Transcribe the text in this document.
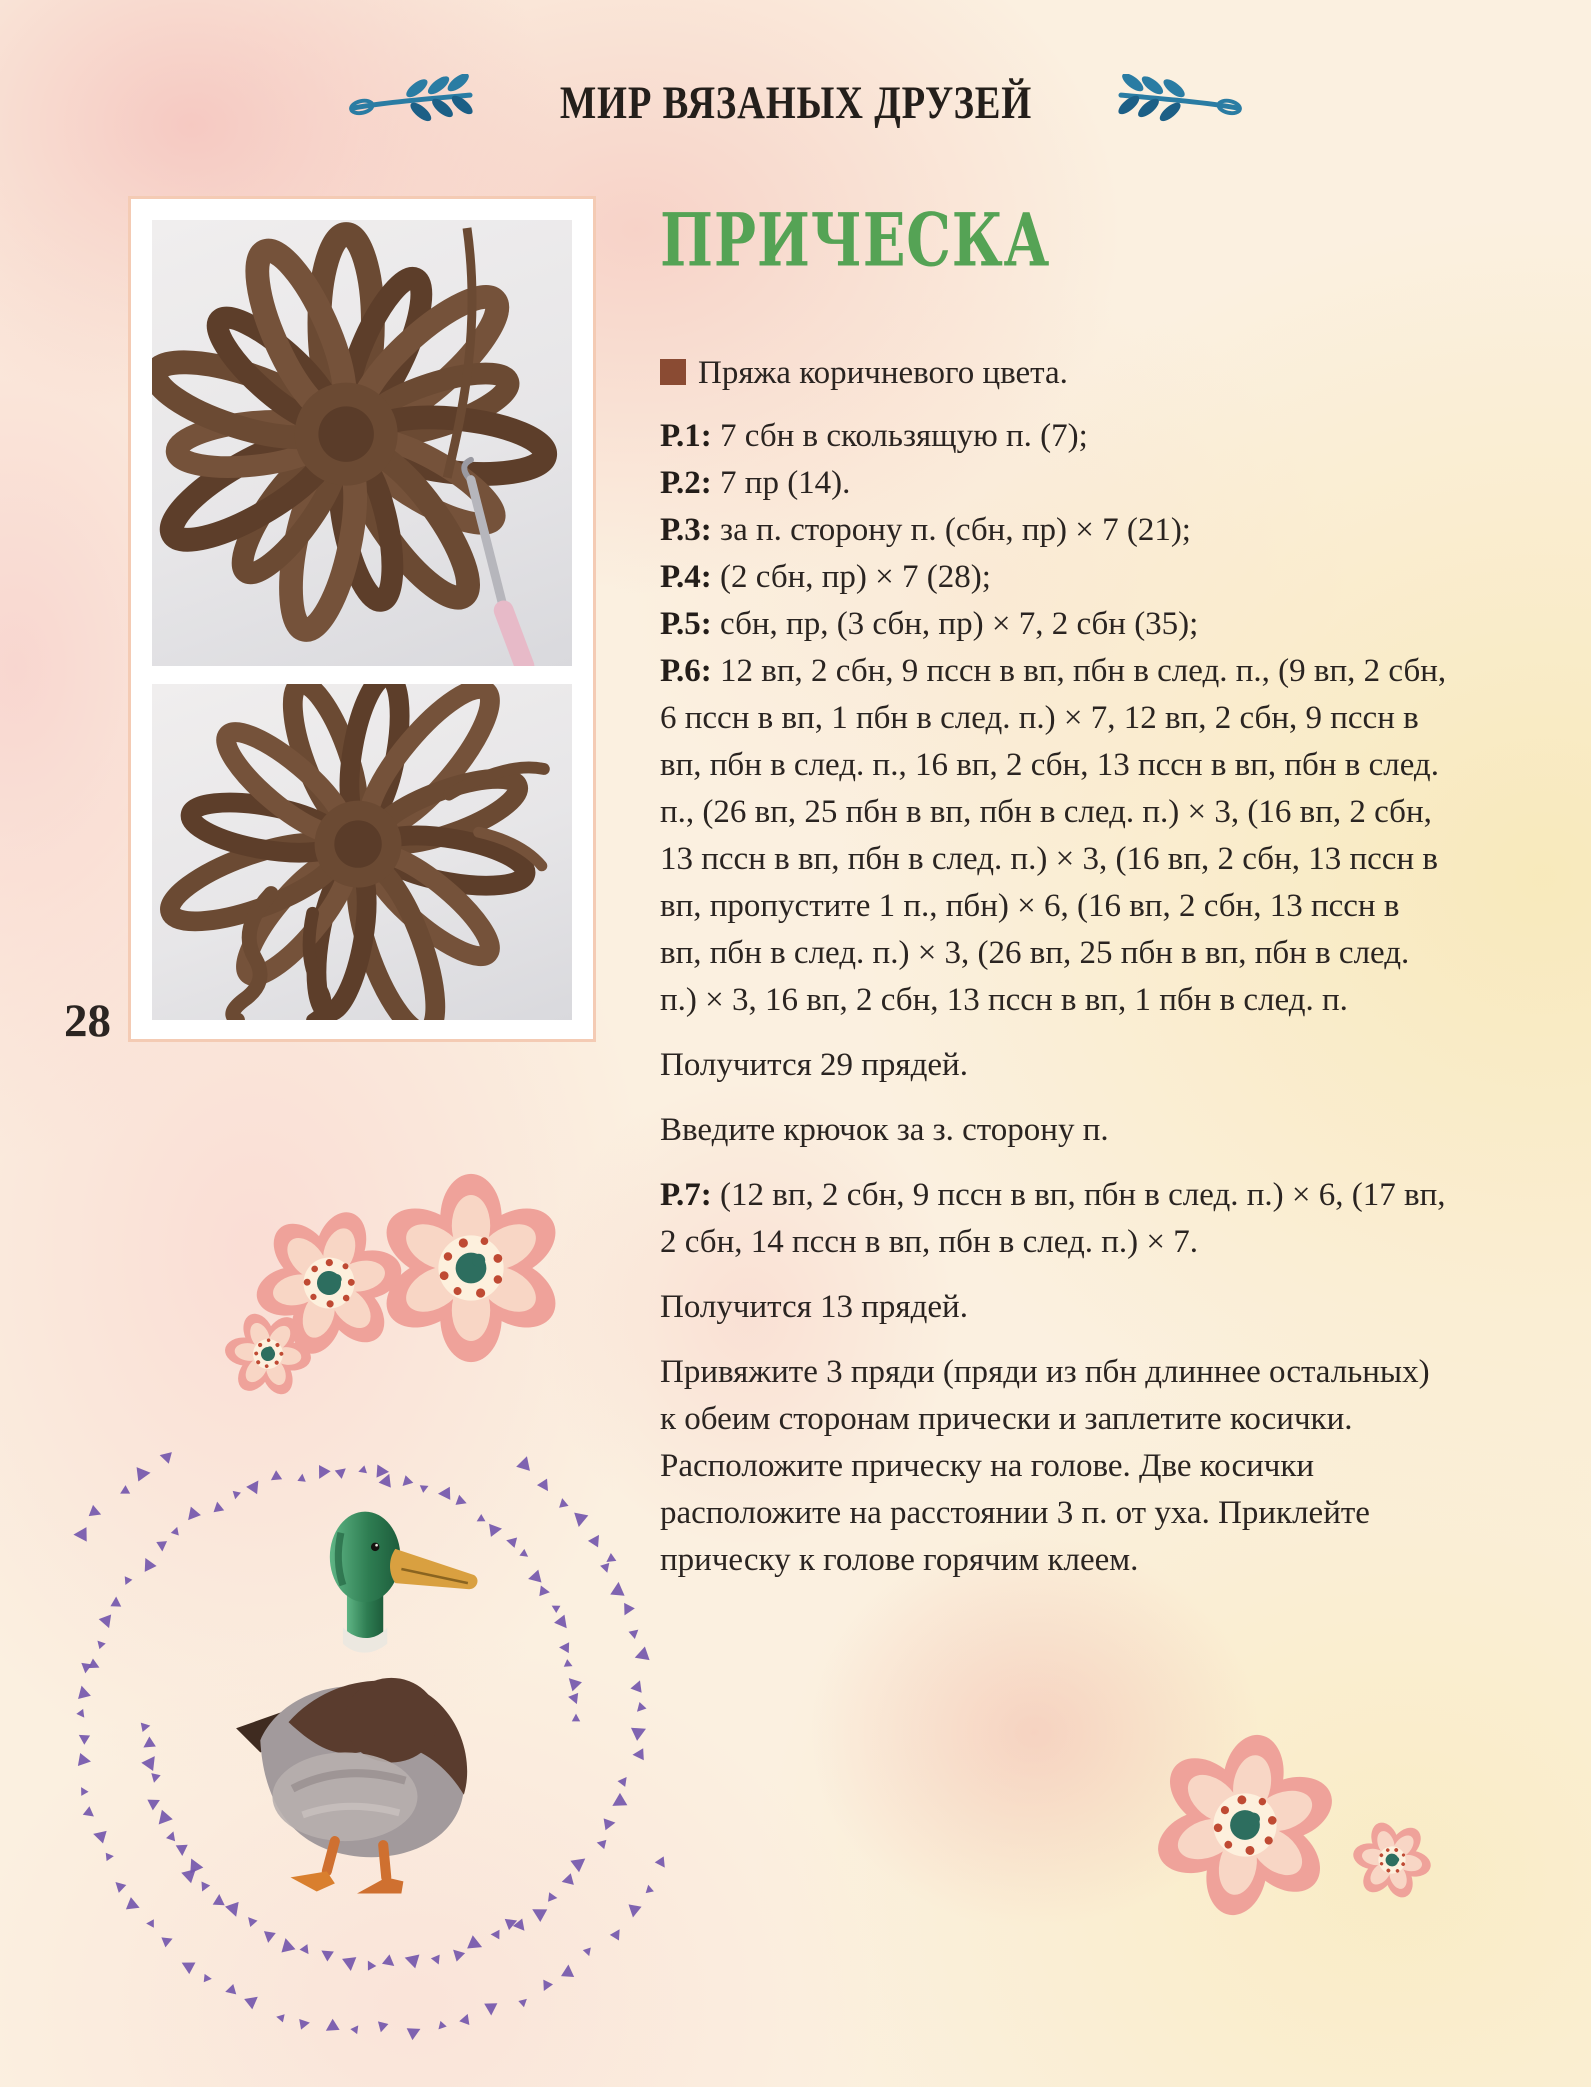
МИР ВЯЗАНЫХ ДРУЗЕЙ
28
ПРИЧЕСКА

Пряжа коричневого цвета.

Р.1: 7 сбн в скользящую п. (7);

Р.2: 7 пр (14).

Р.3: за п. сторону п. (сбн, пр) × 7 (21);

Р.4: (2 сбн, пр) × 7 (28);

Р.5: сбн, пр, (3 сбн, пр) × 7, 2 сбн (35);

Р.6: 12 вп, 2 сбн, 9 пссн в вп, пбн в след. п., (9 вп, 2 сбн, 6 пссн в вп, 1 пбн в след. п.) × 7, 12 вп, 2 сбн, 9 пссн в вп, пбн в след. п., 16 вп, 2 сбн, 13 пссн в вп, пбн в след. п., (26 вп, 25 пбн в вп, пбн в след. п.) × 3, (16 вп, 2 сбн, 13 пссн в вп, пбн в след. п.) × 3, (16 вп, 2 сбн, 13 пссн в вп, пропустите 1 п., пбн) × 6, (16 вп, 2 сбн, 13 пссн в вп, пбн в след. п.) × 3, (26 вп, 25 пбн в вп, пбн в след. п.) × 3, 16 вп, 2 сбн, 13 пссн в вп, 1 пбн в след. п.

Получится 29 прядей.

Введите крючок за з. сторону п.

Р.7: (12 вп, 2 сбн, 9 пссн в вп, пбн в след. п.) × 6, (17 вп, 2 сбн, 14 пссн в вп, пбн в след. п.) × 7.

Получится 13 прядей.

Привяжите 3 пряди (пряди из пбн длиннее остальных) к обеим сторонам прически и заплетите косички. Расположите прическу на голове. Две косички расположите на расстоянии 3 п. от уха. Приклейте прическу к голове горячим клеем.
